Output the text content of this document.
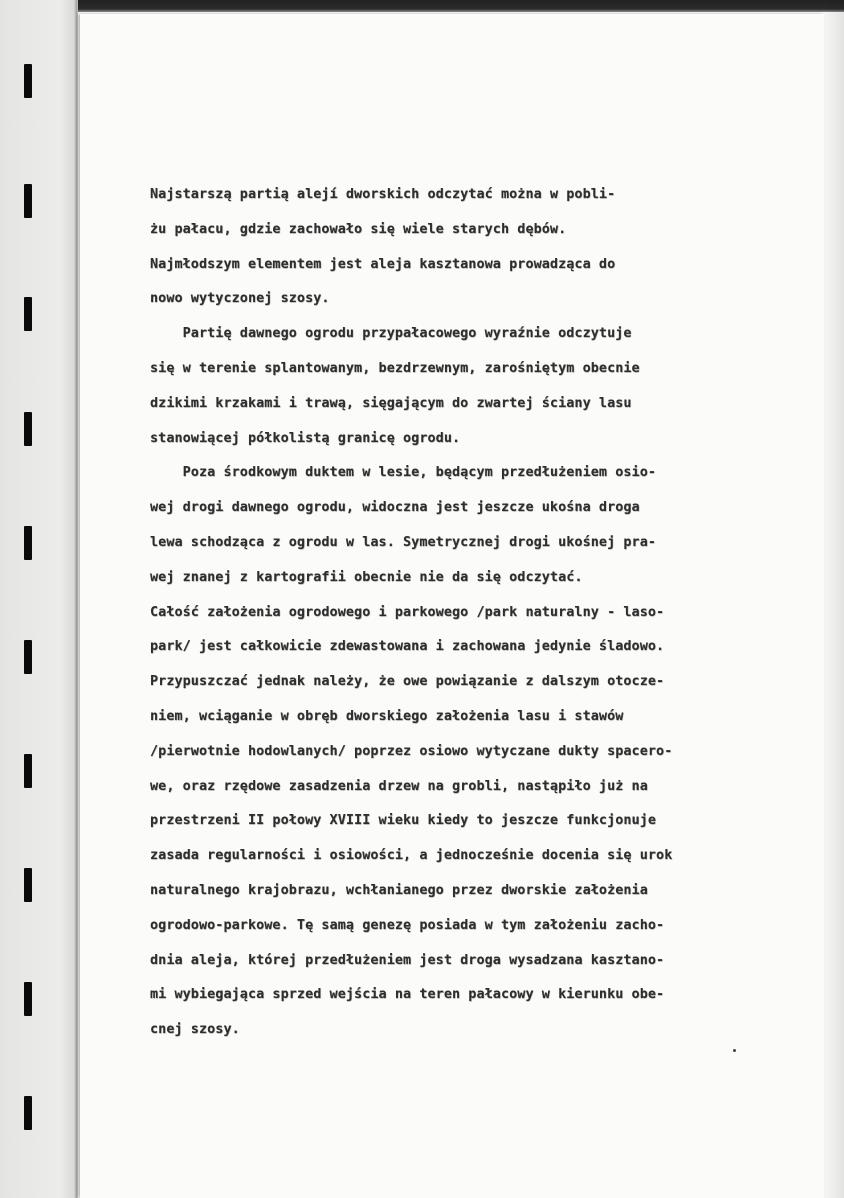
Najstarszą partią alejí dworskich odczytać można w pobli-
żu pałacu, gdzie zachowało się wiele starych dębów.
Najmłodszym elementem jest aleja kasztanowa prowadząca do
nowo wytyczonej szosy.
Partię dawnego ogrodu przypałacowego wyraźnie odczytuje
się w terenie splantowanym, bezdrzewnym, zarośniętym obecnie
dzikimi krzakami i trawą, sięgającym do zwartej ściany lasu
stanowiącej półkolistą granicę ogrodu.
Poza środkowym duktem w lesie, będącym przedłużeniem osio-
wej drogi dawnego ogrodu, widoczna jest jeszcze ukośna droga
lewa schodząca z ogrodu w las. Symetrycznej drogi ukośnej pra-
wej znanej z kartografii obecnie nie da się odczytać.
Całość założenia ogrodowego i parkowego /park naturalny - laso-
park/ jest całkowicie zdewastowana i zachowana jedynie śladowo.
Przypuszczać jednak należy, że owe powiązanie z dalszym otocze-
niem, wciąganie w obręb dworskiego założenia lasu i stawów
/pierwotnie hodowlanych/ poprzez osiowo wytyczane dukty spacero-
we, oraz rzędowe zasadzenia drzew na grobli, nastąpiło już na
przestrzeni II połowy XVIII wieku kiedy to jeszcze funkcjonuje
zasada regularności i osiowości, a jednocześnie docenia się urok
naturalnego krajobrazu, wchłanianego przez dworskie założenia
ogrodowo-parkowe. Tę samą genezę posiada w tym założeniu zacho-
dnia aleja, której przedłużeniem jest droga wysadzana kasztano-
mi wybiegająca sprzed wejścia na teren pałacowy w kierunku obe-
cnej szosy.
